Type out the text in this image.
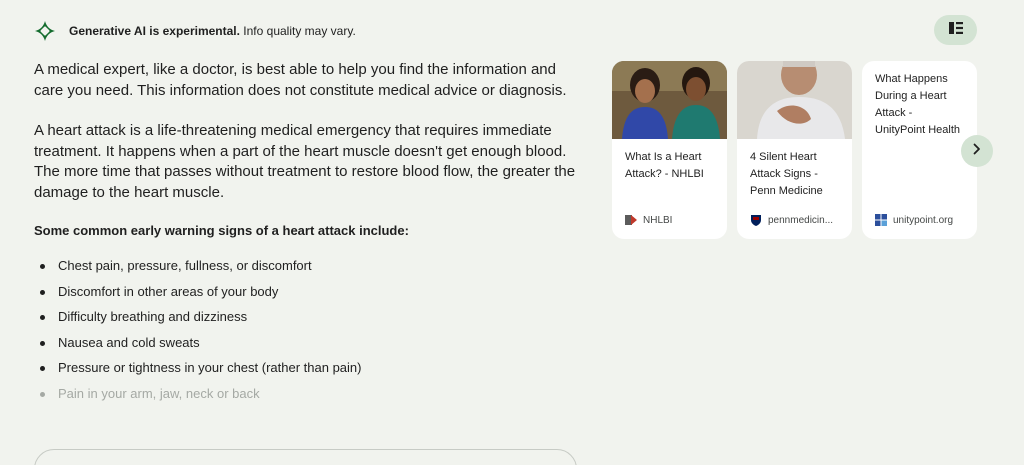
Generative AI is experimental. Info quality may vary.

A medical expert, like a doctor, is best able to help you find the information and care you need. This information does not constitute medical advice or diagnosis.

A heart attack is a life-threatening medical emergency that requires immediate treatment. It happens when a part of the heart muscle doesn't get enough blood. The more time that passes without treatment to restore blood flow, the greater the damage to the heart muscle.

Some common early warning signs of a heart attack include:

Chest pain, pressure, fullness, or discomfort
Discomfort in other areas of your body
Difficulty breathing and dizziness
Nausea and cold sweats
Pressure or tightness in your chest (rather than pain)
Pain in your arm, jaw, neck or back
What Is a Heart Attack? - NHLBI
NHLBI
4 Silent Heart Attack Signs - Penn Medicine
pennmedicin...
What Happens During a Heart Attack - UnityPoint Health
unitypoint.org
